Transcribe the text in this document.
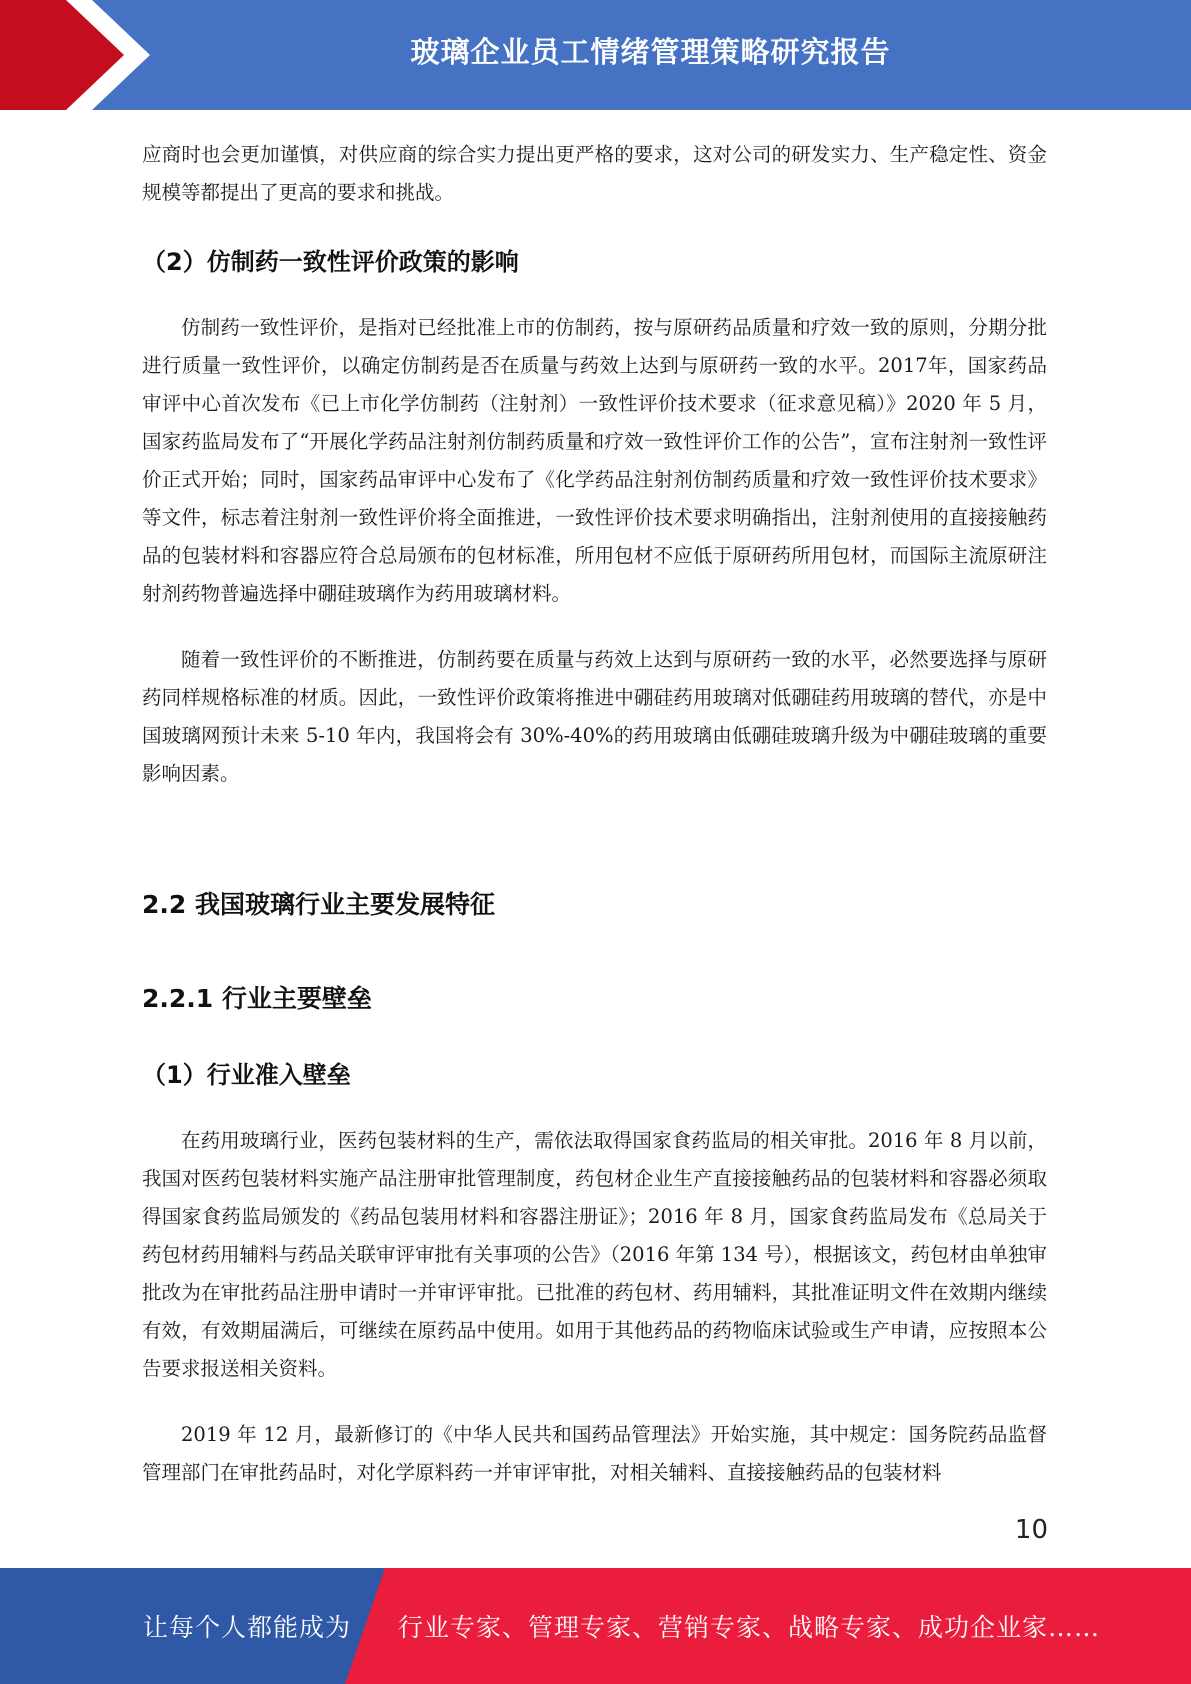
玻璃企业员工情绪管理策略研究报告

应商时也会更加谨慎，对供应商的综合实力提出更严格的要求，这对公司的研发实力、生产稳定性、资金规模等都提出了更高的要求和挑战。

（2）仿制药一致性评价政策的影响

仿制药一致性评价，是指对已经批准上市的仿制药，按与原研药品质量和疗效一致的原则，分期分批进行质量一致性评价，以确定仿制药是否在质量与药效上达到与原研药一致的水平。2017年，国家药品审评中心首次发布《已上市化学仿制药（注射剂）一致性评价技术要求（征求意见稿）》2020 年 5 月，国家药监局发布了“开展化学药品注射剂仿制药质量和疗效一致性评价工作的公告”，宣布注射剂一致性评价正式开始；同时，国家药品审评中心发布了《化学药品注射剂仿制药质量和疗效一致性评价技术要求》等文件，标志着注射剂一致性评价将全面推进，一致性评价技术要求明确指出，注射剂使用的直接接触药品的包装材料和容器应符合总局颁布的包材标准，所用包材不应低于原研药所用包材，而国际主流原研注射剂药物普遍选择中硼硅玻璃作为药用玻璃材料。

随着一致性评价的不断推进，仿制药要在质量与药效上达到与原研药一致的水平，必然要选择与原研药同样规格标准的材质。因此，一致性评价政策将推进中硼硅药用玻璃对低硼硅药用玻璃的替代，亦是中国玻璃网预计未来 5-10 年内，我国将会有 30%-40%的药用玻璃由低硼硅玻璃升级为中硼硅玻璃的重要影响因素。

2.2 我国玻璃行业主要发展特征
2.2.1 行业主要壁垒
（1）行业准入壁垒

在药用玻璃行业，医药包装材料的生产，需依法取得国家食药监局的相关审批。2016 年 8 月以前，我国对医药包装材料实施产品注册审批管理制度，药包材企业生产直接接触药品的包装材料和容器必须取得国家食药监局颁发的《药品包装用材料和容器注册证》；2016 年 8 月，国家食药监局发布《总局关于药包材药用辅料与药品关联审评审批有关事项的公告》（2016 年第 134 号），根据该文，药包材由单独审批改为在审批药品注册申请时一并审评审批。已批准的药包材、药用辅料，其批准证明文件在效期内继续有效，有效期届满后，可继续在原药品中使用。如用于其他药品的药物临床试验或生产申请，应按照本公告要求报送相关资料。

2019 年 12 月，最新修订的《中华人民共和国药品管理法》开始实施，其中规定：国务院药品监督管理部门在审批药品时，对化学原料药一并审评审批，对相关辅料、直接接触药品的包装材料

10
让每个人都能成为 行业专家、管理专家、营销专家、战略专家、成功企业家……
